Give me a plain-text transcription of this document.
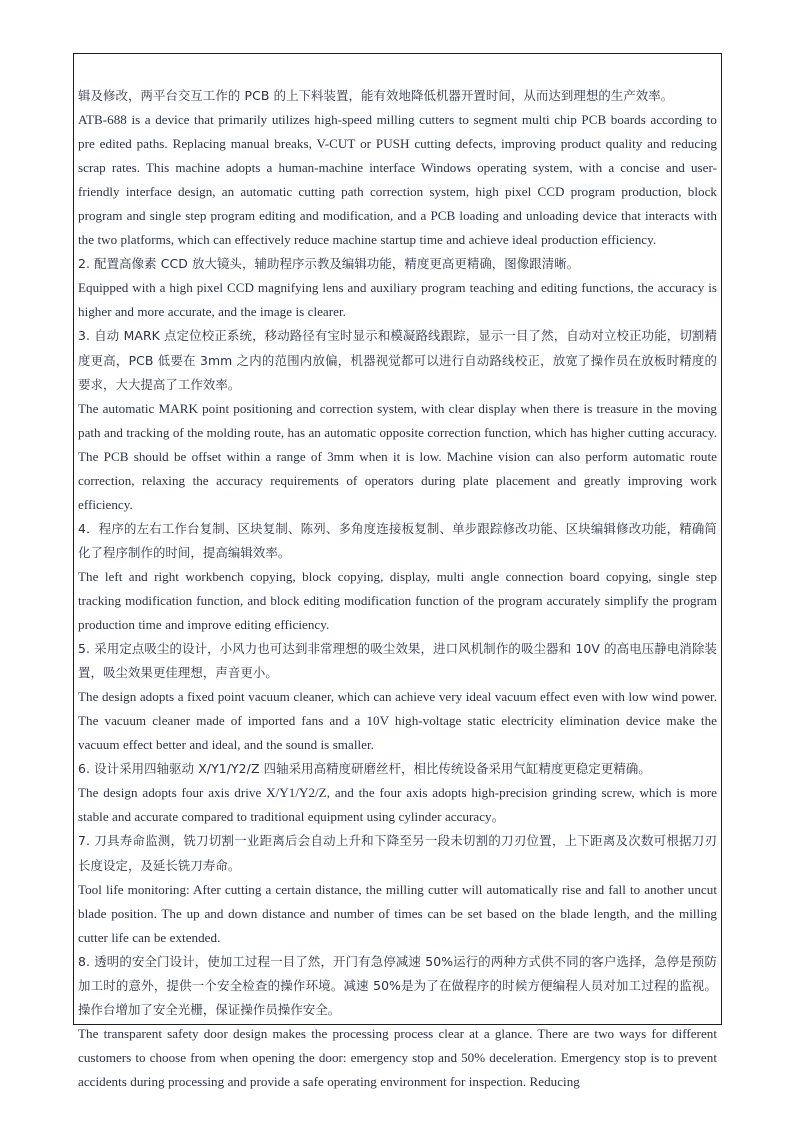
辑及修改，两平台交互工作的 PCB 的上下料装置，能有效地降低机器开置时间，从而达到理想的生产效率。

ATB-688 is a device that primarily utilizes high-speed milling cutters to segment multi chip PCB boards according to pre edited paths. Replacing manual breaks, V-CUT or PUSH cutting defects, improving product quality and reducing scrap rates. This machine adopts a human-machine interface Windows operating system, with a concise and user-friendly interface design, an automatic cutting path correction system, high pixel CCD program production, block program and single step program editing and modification, and a PCB loading and unloading device that interacts with the two platforms, which can effectively reduce machine startup time and achieve ideal production efficiency.

2. 配置高像素 CCD 放大镜头，辅助程序示教及编辑功能，精度更高更精确，图像跟清晰。

Equipped with a high pixel CCD magnifying lens and auxiliary program teaching and editing functions, the accuracy is higher and more accurate, and the image is clearer.

3. 自动 MARK 点定位校正系统，移动路径有宝时显示和模凝路线跟踪，显示一目了然，自动对立校正功能，切割精度更高，PCB 低要在 3mm 之内的范围内放偏，机器视觉都可以进行自动路线校正，放宽了操作员在放板时精度的要求，大大提高了工作效率。

The automatic MARK point positioning and correction system, with clear display when there is treasure in the moving path and tracking of the molding route, has an automatic opposite correction function, which has higher cutting accuracy. The PCB should be offset within a range of 3mm when it is low. Machine vision can also perform automatic route correction, relaxing the accuracy requirements of operators during plate placement and greatly improving work efficiency.

4．程序的左右工作台复制、区块复制、陈列、多角度连接板复制、单步跟踪修改功能、区块编辑修改功能，精确简化了程序制作的时间，提高编辑效率。

The left and right workbench copying, block copying, display, multi angle connection board copying, single step tracking modification function, and block editing modification function of the program accurately simplify the program production time and improve editing efficiency.

5. 采用定点吸尘的设计，小风力也可达到非常理想的吸尘效果，进口风机制作的吸尘器和 10V 的高电压静电消除装置，吸尘效果更佳理想，声音更小。

The design adopts a fixed point vacuum cleaner, which can achieve very ideal vacuum effect even with low wind power. The vacuum cleaner made of imported fans and a 10V high-voltage static electricity elimination device make the vacuum effect better and ideal, and the sound is smaller.

6. 设计采用四轴驱动 X/Y1/Y2/Z 四轴采用高精度研磨丝杆，相比传统设备采用气缸精度更稳定更精确。

The design adopts four axis drive X/Y1/Y2/Z, and the four axis adopts high-precision grinding screw, which is more stable and accurate compared to traditional equipment using cylinder accuracy。

7. 刀具寿命监测，铣刀切割一业距离后会自动上升和下降至另一段未切割的刀刃位置，上下距离及次数可根据刀刃长度设定，及延长铣刀寿命。

Tool life monitoring: After cutting a certain distance, the milling cutter will automatically rise and fall to another uncut blade position. The up and down distance and number of times can be set based on the blade length, and the milling cutter life can be extended.

8. 透明的安全门设计，使加工过程一目了然，开门有急停减速 50%运行的两种方式供不同的客户选择，急停是预防加工时的意外，提供一个安全检查的操作环境。减速 50%是为了在做程序的时候方便编程人员对加工过程的监视。操作台增加了安全光栅，保证操作员操作安全。

The transparent safety door design makes the processing process clear at a glance. There are two ways for different customers to choose from when opening the door: emergency stop and 50% deceleration. Emergency stop is to prevent accidents during processing and provide a safe operating environment for inspection. Reducing
